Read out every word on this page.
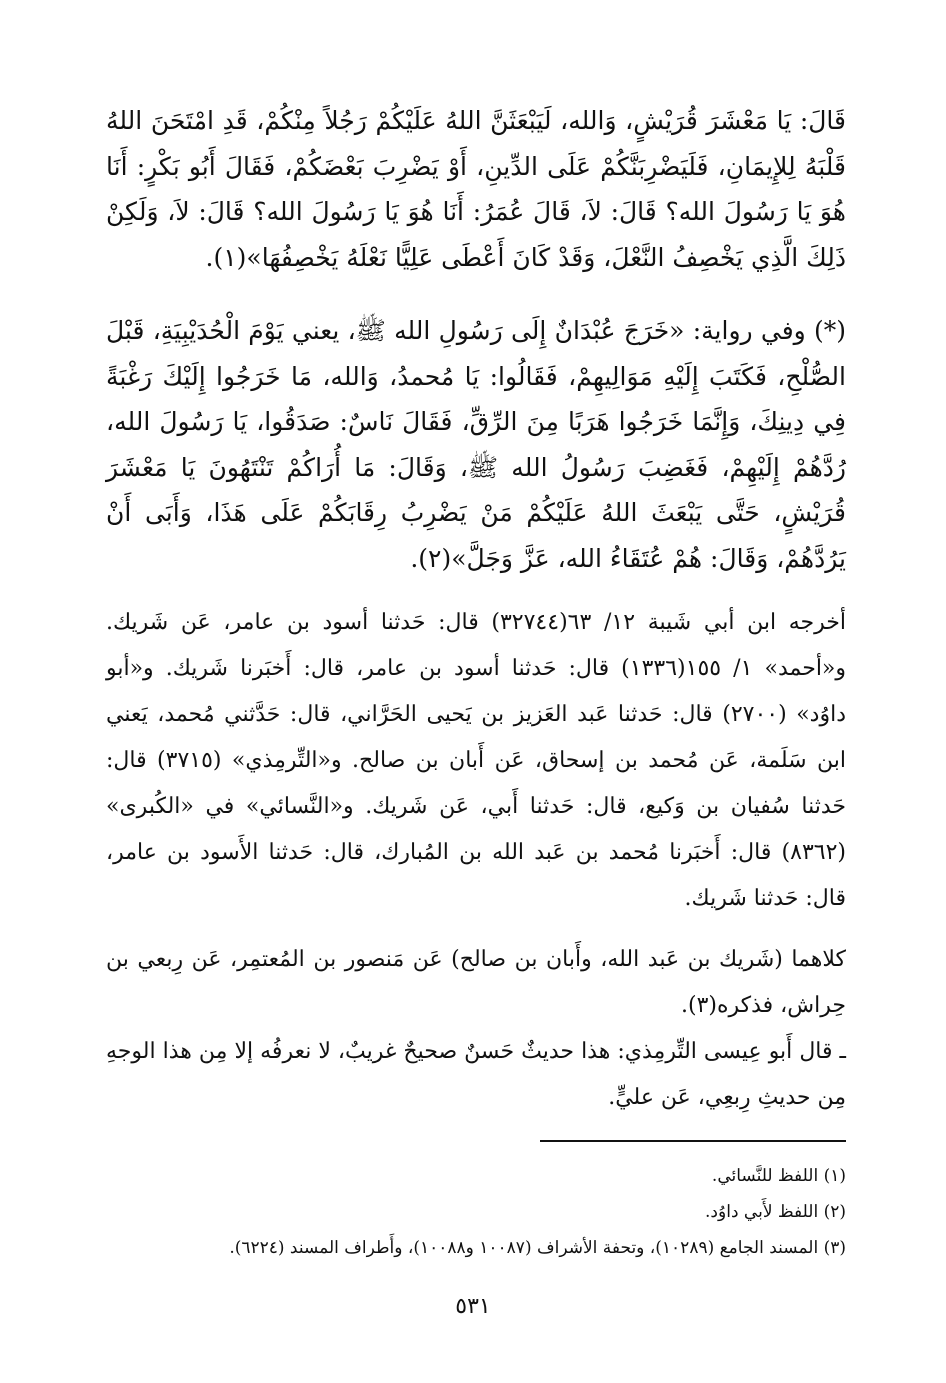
قَالَ: يَا مَعْشَرَ قُرَيْشٍ، وَالله، لَيَبْعَثَنَّ اللهُ عَلَيْكُمْ رَجُلاً مِنْكُمْ، قَدِ امْتَحَنَ اللهُ قَلْبَهُ لِلإِيمَانِ، فَلَيَضْرِبَنَّكُمْ عَلَى الدِّينِ، أَوْ يَضْرِبَ بَعْضَكُمْ، فَقَالَ أَبُو بَكْرٍ: أَنَا هُوَ يَا رَسُولَ الله؟ قَالَ: لاَ، قَالَ عُمَرُ: أَنَا هُوَ يَا رَسُولَ الله؟ قَالَ: لاَ، وَلَكِنْ ذَلِكَ الَّذِي يَخْصِفُ النَّعْلَ، وَقَدْ كَانَ أَعْطَى عَلِيًّا نَعْلَهُ يَخْصِفُهَا»(١).

(*) وفي رواية: «خَرَجَ عُبْدَانٌ إِلَى رَسُولِ الله ﷺ، يعني يَوْمَ الْحُدَيْبِيَةِ، قَبْلَ الصُّلْحِ، فَكَتَبَ إِلَيْهِ مَوَالِيهِمْ، فَقَالُوا: يَا مُحمدُ، وَالله، مَا خَرَجُوا إِلَيْكَ رَغْبَةً فِي دِينِكَ، وَإِنَّمَا خَرَجُوا هَرَبًا مِنَ الرِّقِّ، فَقَالَ نَاسٌ: صَدَقُوا، يَا رَسُولَ الله، رُدَّهُمْ إِلَيْهِمْ، فَغَضِبَ رَسُولُ الله ﷺ، وَقَالَ: مَا أُرَاكُمْ تَنْتَهُونَ يَا مَعْشَرَ قُرَيْشٍ، حَتَّى يَبْعَثَ اللهُ عَلَيْكُمْ مَنْ يَضْرِبُ رِقَابَكُمْ عَلَى هَذَا، وَأَبَى أَنْ يَرُدَّهُمْ، وَقَالَ: هُمْ عُتَقَاءُ الله، عَزَّ وَجَلَّ»(٢).

أخرجه ابن أبي شَيبة ١٢/ ٦٣(٣٢٧٤٤) قال: حَدثنا أسود بن عامر، عَن شَريك. و«أحمد» ١/ ١٥٥(١٣٣٦) قال: حَدثنا أسود بن عامر، قال: أَخبَرنا شَريك. و«أبو داوُد» (٢٧٠٠) قال: حَدثنا عَبد العَزيز بن يَحيى الحَرَّاني، قال: حَدَّثني مُحمد، يَعني ابن سَلَمة، عَن مُحمد بن إسحاق، عَن أَبان بن صالح. و«التِّرمِذي» (٣٧١٥) قال: حَدثنا سُفيان بن وَكيع، قال: حَدثنا أَبي، عَن شَريك. و«النَّسائي» في «الكُبرى» (٨٣٦٢) قال: أَخبَرنا مُحمد بن عَبد الله بن المُبارك، قال: حَدثنا الأَسود بن عامر، قال: حَدثنا شَريك.

كلاهما (شَريك بن عَبد الله، وأَبان بن صالح) عَن مَنصور بن المُعتمِر، عَن رِبعي بن حِراش، فذكره(٣).

ـ قال أَبو عِيسى التِّرمِذي: هذا حديثٌ حَسنٌ صحيحٌ غريبٌ، لا نعرفُه إلا مِن هذا الوجهِ مِن حديثِ رِبعِي، عَن عليٍّ.

(١) اللفظ للنَّسائي.
(٢) اللفظ لأَبي داوُد.
(٣) المسند الجامع (١٠٢٨٩)، وتحفة الأشراف (١٠٠٨٧ و١٠٠٨٨)، وأَطراف المسند (٦٢٢٤).
٥٣١
